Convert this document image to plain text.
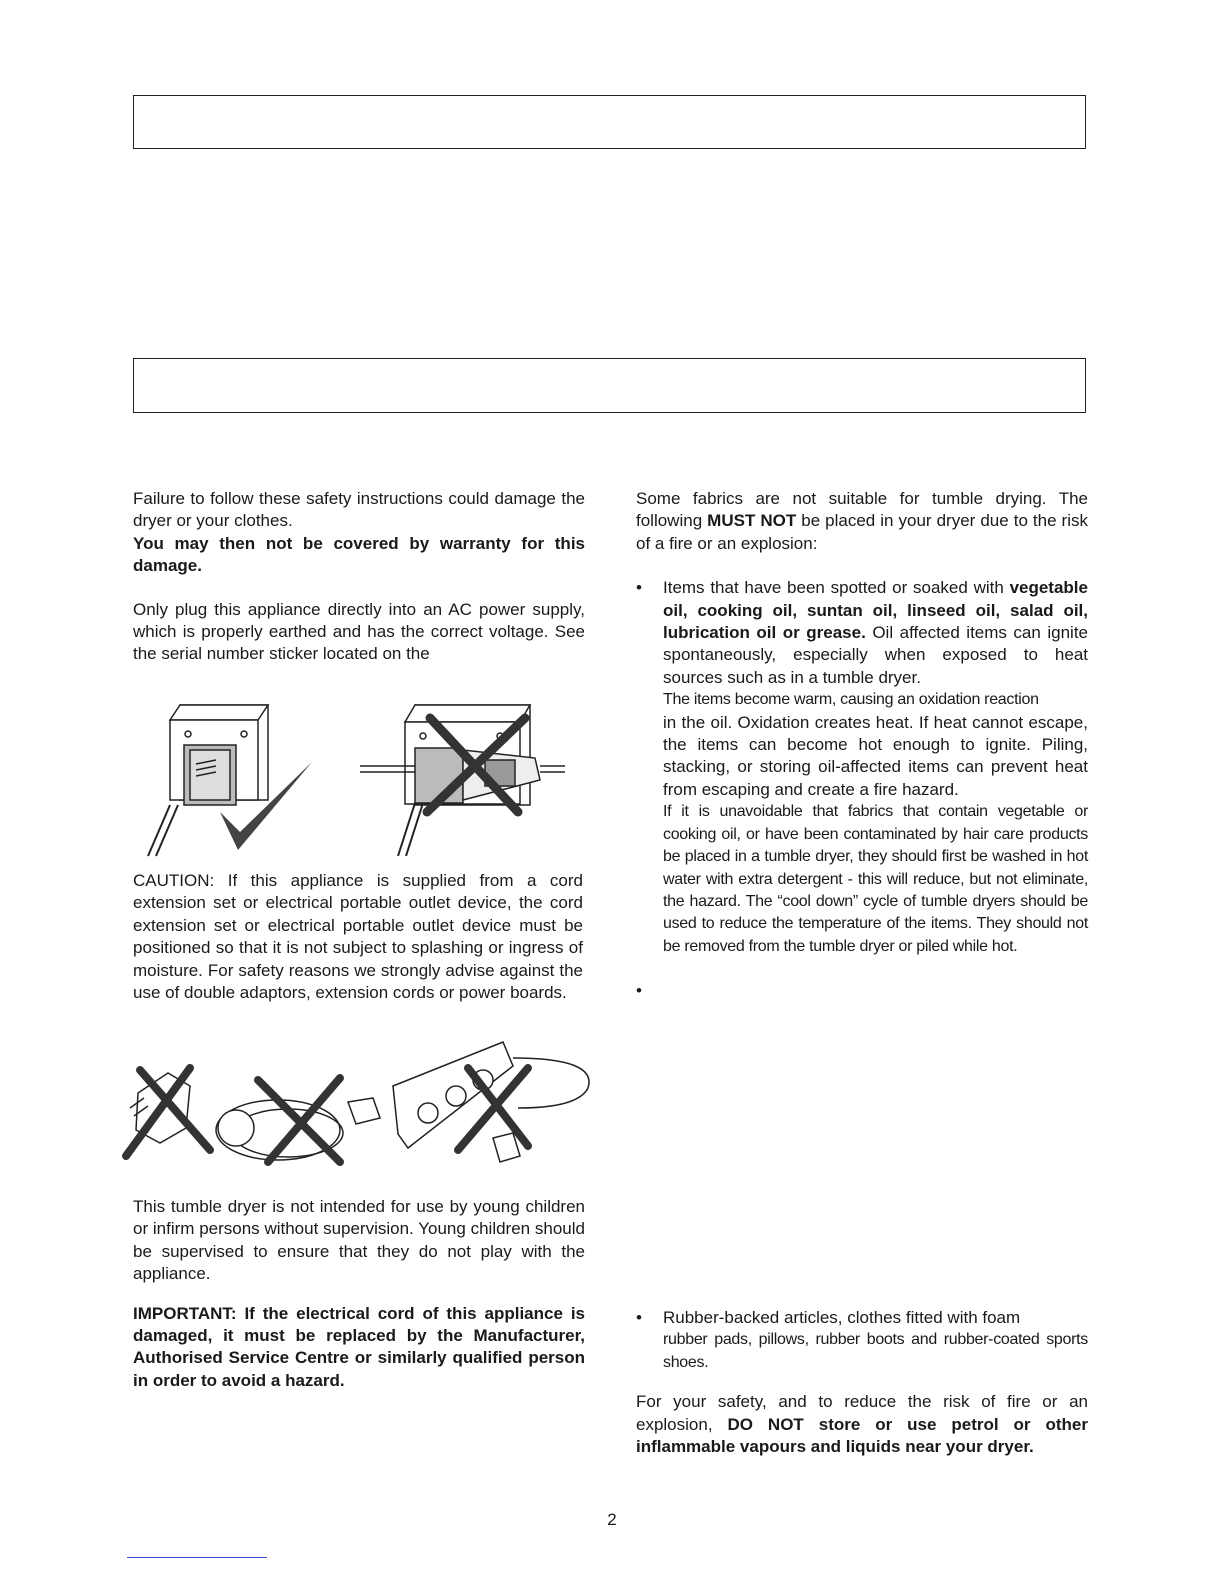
Failure to follow these safety instructions could damage the dryer or your clothes.

You may then not be covered by warranty for this damage.

Only plug this appliance directly into an AC power supply, which is properly earthed and has the correct voltage. See the serial number sticker located on the

CAUTION: If this appliance is supplied from a cord extension set or electrical portable outlet device, the cord extension set or electrical portable outlet device must be positioned so that it is not subject to splashing or ingress of moisture. For safety reasons we strongly advise against the use of double adaptors, extension cords or power boards.

This tumble dryer is not intended for use by young children or infirm persons without supervision. Young children should be supervised to ensure that they do not play with the appliance.

IMPORTANT: If the electrical cord of this appliance is damaged, it must be replaced by the Manufacturer, Authorised Service Centre or similarly qualified person in order to avoid a hazard.

Some fabrics are not suitable for tumble drying. The following MUST NOT be placed in your dryer due to the risk of a fire or an explosion:

• Items that have been spotted or soaked with vegetable oil, cooking oil, suntan oil, linseed oil, salad oil, lubrication oil or grease. Oil affected items can ignite spontaneously, especially when exposed to heat sources such as in a tumble dryer.

The items become warm, causing an oxidation reaction

in the oil. Oxidation creates heat. If heat cannot escape, the items can become hot enough to ignite. Piling, stacking, or storing oil-affected items can prevent heat from escaping and create a fire hazard.

If it is unavoidable that fabrics that contain vegetable or cooking oil, or have been contaminated by hair care products be placed in a tumble dryer, they should first be washed in hot water with extra detergent - this will reduce, but not eliminate, the hazard. The “cool down” cycle of tumble dryers should be used to reduce the temperature of the items. They should not be removed from the tumble dryer or piled while hot.

•
• Rubber-backed articles, clothes fitted with foam

rubber pads, pillows, rubber boots and rubber-coated sports shoes.

For your safety, and to reduce the risk of fire or an explosion, DO NOT store or use petrol or other inflammable vapours and liquids near your dryer.

2
